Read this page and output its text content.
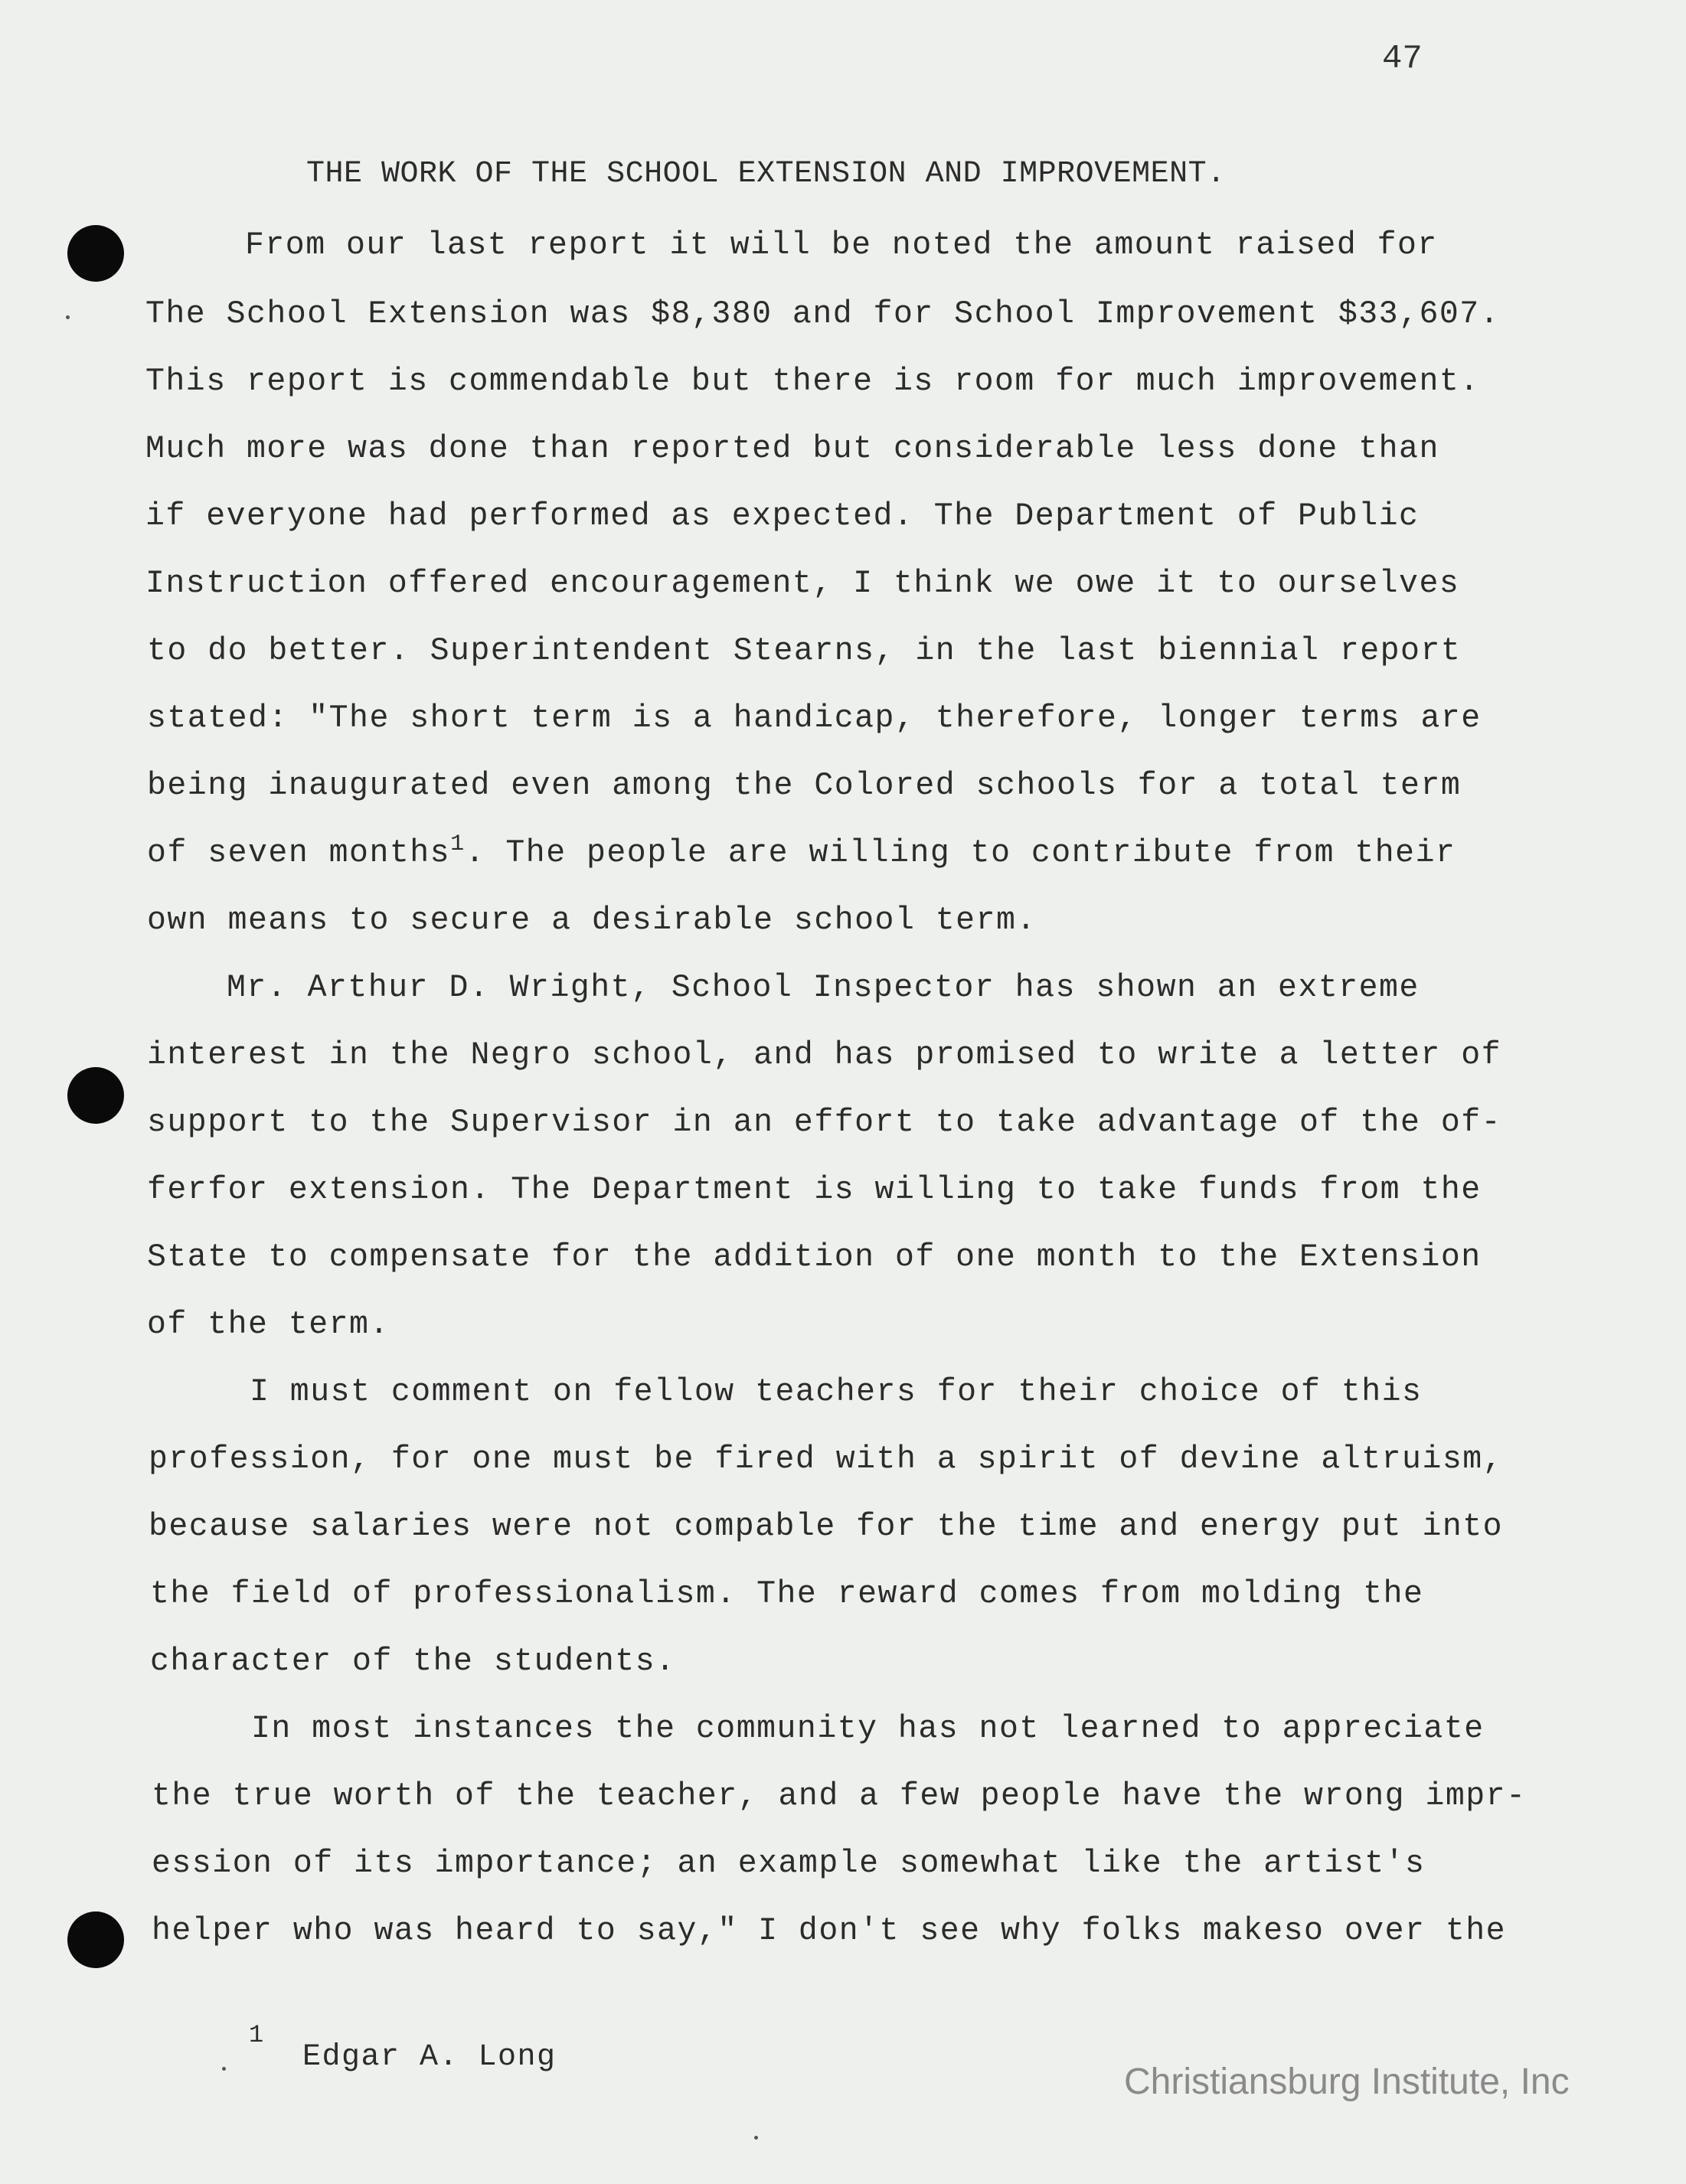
47
THE WORK OF THE SCHOOL EXTENSION AND IMPROVEMENT.
From our last report it will be noted the amount raised for
The School Extension was $8,380 and for School Improvement $33,607.
This report is commendable but there is room for much improvement.
Much more was done than reported but considerable less done than
if everyone had performed as expected. The Department of Public
Instruction offered encouragement, I think we owe it to ourselves
to do better. Superintendent Stearns, in the last biennial report
stated: "The short term is a handicap, therefore, longer terms are
being inaugurated even among the Colored schools for a total term
of seven months$^1$. The people are willing to contribute from their
own means to secure a desirable school term.
Mr. Arthur D. Wright, School Inspector has shown an extreme
interest in the Negro school, and has promised to write a letter of
support to the Supervisor in an effort to take advantage of the of-
ferfor extension. The Department is willing to take funds from the
State to compensate for the addition of one month to the Extension
of the term.
I must comment on fellow teachers for their choice of this
profession, for one must be fired with a spirit of devine altruism,
because salaries were not compable for the time and energy put into
the field of professionalism. The reward comes from molding the
character of the students.
In most instances the community has not learned to appreciate
the true worth of the teacher, and a few people have the wrong impr-
ession of its importance; an example somewhat like the artist's
helper who was heard to say," I don't see why folks makeso over the
1
Edgar A. Long
Christiansburg Institute, Inc
